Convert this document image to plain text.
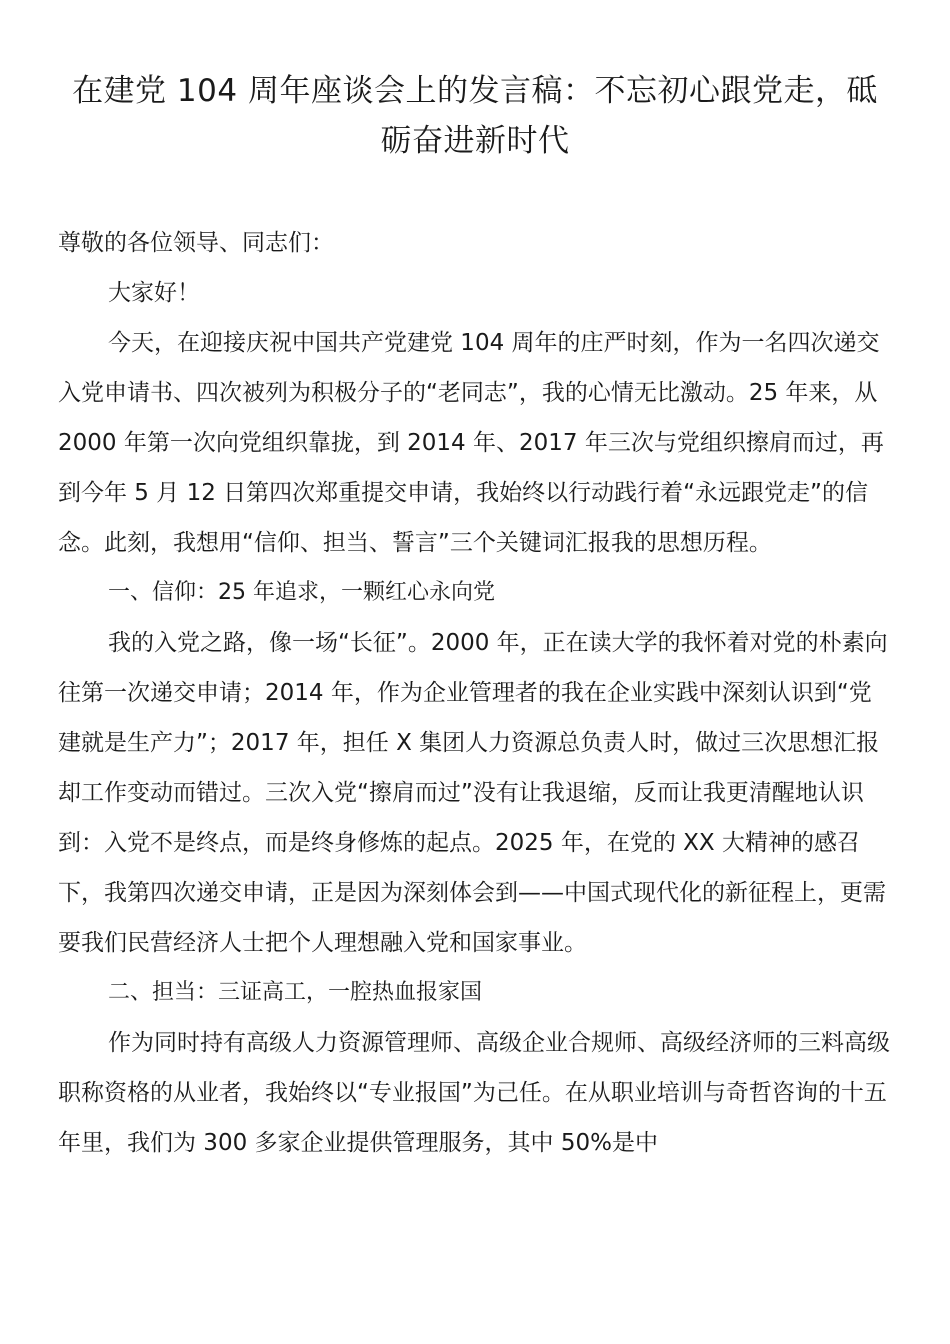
在建党 104 周年座谈会上的发言稿：不忘初心跟党走，砥砺奋进新时代

尊敬的各位领导、同志们：

大家好！

今天，在迎接庆祝中国共产党建党 104 周年的庄严时刻，作为一名四次递交入党申请书、四次被列为积极分子的“老同志”，我的心情无比激动。25 年来，从 2000 年第一次向党组织靠拢，到 2014 年、2017 年三次与党组织擦肩而过，再到今年 5 月 12 日第四次郑重提交申请，我始终以行动践行着“永远跟党走”的信念。此刻，我想用“信仰、担当、誓言”三个关键词汇报我的思想历程。

一、信仰：25 年追求，一颗红心永向党

我的入党之路，像一场“长征”。2000 年，正在读大学的我怀着对党的朴素向往第一次递交申请；2014 年，作为企业管理者的我在企业实践中深刻认识到“党建就是生产力”；2017 年，担任 X 集团人力资源总负责人时，做过三次思想汇报却工作变动而错过。三次入党“擦肩而过”没有让我退缩，反而让我更清醒地认识到：入党不是终点，而是终身修炼的起点。2025 年，在党的 XX 大精神的感召下，我第四次递交申请，正是因为深刻体会到——中国式现代化的新征程上，更需要我们民营经济人士把个人理想融入党和国家事业。

二、担当：三证高工，一腔热血报家国

作为同时持有高级人力资源管理师、高级企业合规师、高级经济师的三料高级职称资格的从业者，我始终以“专业报国”为己任。在从职业培训与奇哲咨询的十五年里，我们为 300 多家企业提供管理服务，其中 50%是中
